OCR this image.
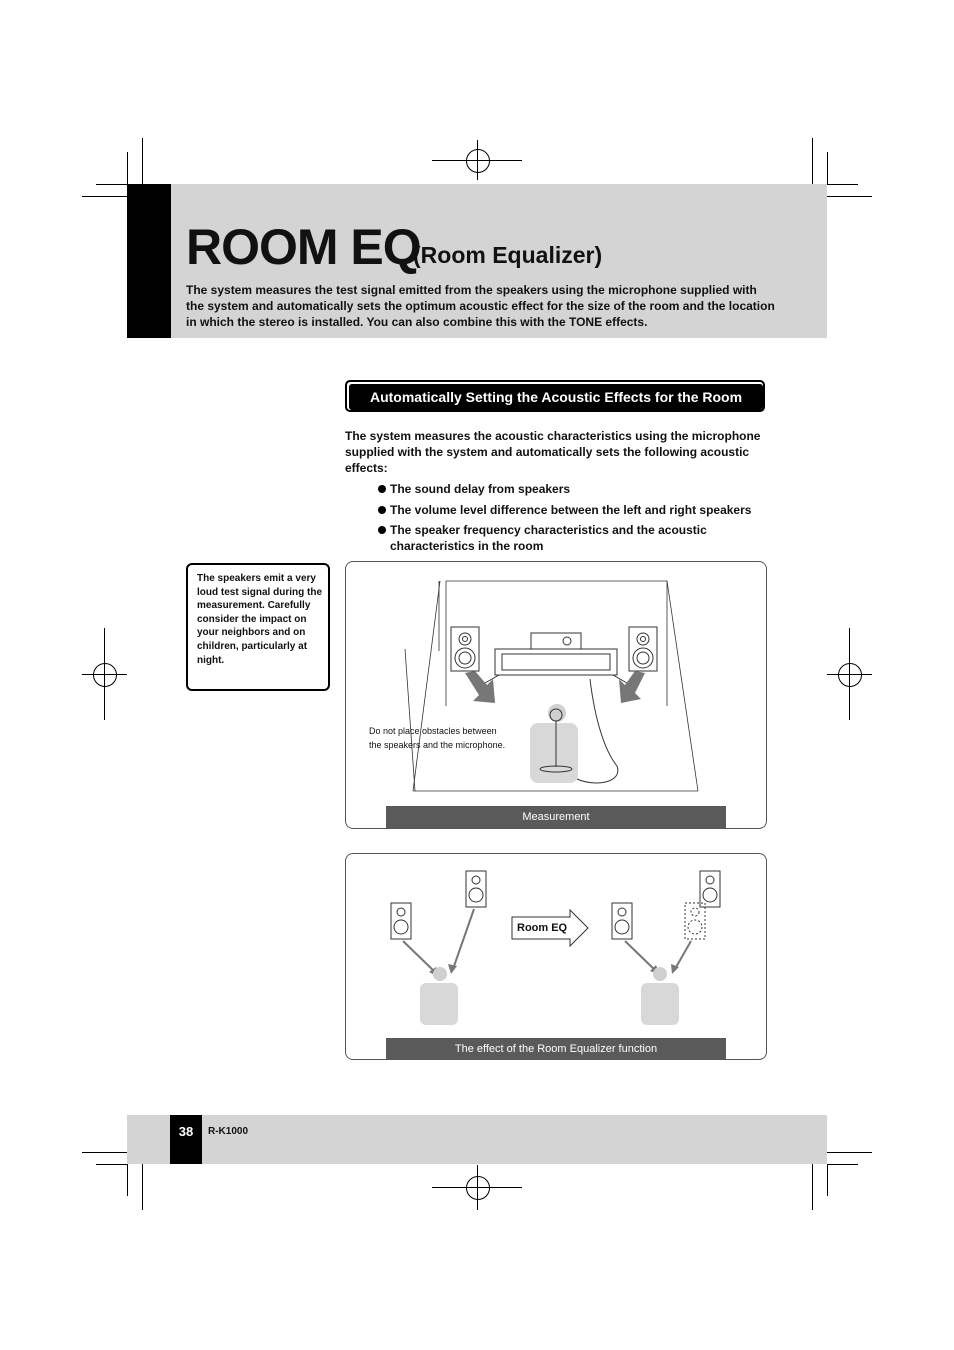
ROOM EQ
(Room Equalizer)
The system measures the test signal emitted from the speakers using the microphone supplied with the system and automatically sets the optimum acoustic effect for the size of the room and the location in which the stereo is installed. You can also combine this with the TONE effects.
Automatically Setting the Acoustic Effects for the Room (ROOM EQ)
The system measures the acoustic characteristics using the microphone supplied with the system and automatically sets the following acoustic effects:
The sound delay from speakers
The volume level difference between the left and right speakers
The speaker frequency characteristics and the acoustic characteristics in the room
The speakers emit a very loud test signal during the measurement. Carefully consider the impact on your neighbors and on children, particularly at night.
Do not place obstacles between the speakers and the microphone.
Measurement
Room EQ
The effect of the Room Equalizer function
38	R-K1000
